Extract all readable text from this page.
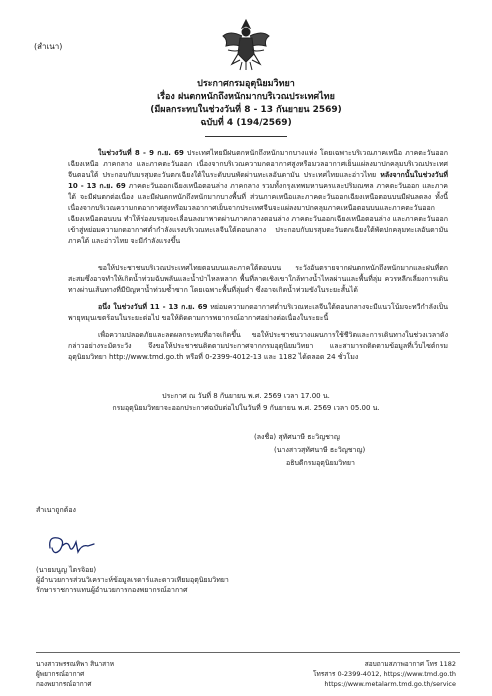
(สำเนา)
ประกาศกรมอุตุนิยมวิทยา
เรื่อง ฝนตกหนักถึงหนักมากบริเวณประเทศไทย
(มีผลกระทบในช่วงวันที่ 8 - 13 กันยายน 2569)
ฉบับที่ 4 (194/2569)

ในช่วงวันที่ 8 - 9 ก.ย. 69 ประเทศไทยมีฝนตกหนักถึงหนักมากบางแห่ง โดยเฉพาะบริเวณภาคเหนือ ภาคตะวันออกเฉียงเหนือ ภาคกลาง และภาคตะวันออก เนื่องจากบริเวณความกดอากาศสูงหรือมวลอากาศเย็นแผ่ลงมาปกคลุมบริเวณประเทศจีนตอนใต้ ประกอบกับมรสุมตะวันตกเฉียงใต้ในระดับบนพัดผ่านทะเลอันดามัน ประเทศไทยและอ่าวไทย หลังจากนั้นในช่วงวันที่ 10 - 13 ก.ย. 69 ภาคตะวันออกเฉียงเหนือตอนล่าง ภาคกลาง รวมทั้งกรุงเทพมหานครและปริมณฑล ภาคตะวันออก และภาคใต้ จะมีฝนตกต่อเนื่อง และมีฝนตกหนักถึงหนักมากบางพื้นที่ ส่วนภาคเหนือและภาคตะวันออกเฉียงเหนือตอนบนมีฝนลดลง ทั้งนี้เนื่องจากบริเวณความกดอากาศสูงหรือมวลอากาศเย็นจากประเทศจีนจะแผ่ลงมาปกคลุมภาคเหนือตอนบนและภาคตะวันออกเฉียงเหนือตอนบน ทำให้ร่องมรสุมจะเลื่อนลงมาพาดผ่านภาคกลางตอนล่าง ภาคตะวันออกเฉียงเหนือตอนล่าง และภาคตะวันออก เข้าสู่หย่อมความกดอากาศต่ำกำลังแรงบริเวณทะเลจีนใต้ตอนกลาง ประกอบกับมรสุมตะวันตกเฉียงใต้พัดปกคลุมทะเลอันดามัน ภาคใต้ และอ่าวไทย จะมีกำลังแรงขึ้น

ขอให้ประชาชนบริเวณประเทศไทยตอนบนและภาคใต้ตอนบน ระวังอันตรายจากฝนตกหนักถึงหนักมากและฝนที่ตกสะสมซึ่งอาจทำให้เกิดน้ำท่วมฉับพลันและน้ำป่าไหลหลาก พื้นที่ลาดเชิงเขาใกล้ทางน้ำไหลผ่านและพื้นที่ลุ่ม ควรหลีกเลี่ยงการเดินทางผ่านเส้นทางที่มีปัญหาน้ำท่วมซ้ำซาก โดยเฉพาะพื้นที่ลุ่มต่ำ ซึ่งอาจเกิดน้ำท่วมขังในระยะสั้นได้

อนึ่ง ในช่วงวันที่ 11 - 13 ก.ย. 69 หย่อมความกดอากาศต่ำบริเวณทะเลจีนใต้ตอนกลางจะมีแนวโน้มจะทวีกำลังเป็นพายุหมุนเขตร้อนในระยะต่อไป ขอให้ติดตามการพยากรณ์อากาศอย่างต่อเนื่องในระยะนี้

เพื่อความปลอดภัยและลดผลกระทบที่อาจเกิดขึ้น ขอให้ประชาชนวางแผนการใช้ชีวิตและการเดินทางในช่วงเวลาดังกล่าวอย่างระมัดระวัง จึงขอให้ประชาชนติดตามประกาศจากกรมอุตุนิยมวิทยา และสามารถติดตามข้อมูลที่เว็บไซต์กรมอุตุนิยมวิทยา http://www.tmd.go.th หรือที่ 0-2399-4012-13 และ 1182 ได้ตลอด 24 ชั่วโมง

ประกาศ ณ วันที่ 8 กันยายน พ.ศ. 2569 เวลา 17.00 น.
กรมอุตุนิยมวิทยาจะออกประกาศฉบับต่อไปในวันที่ 9 กันยายน พ.ศ. 2569 เวลา 05.00 น.
(ลงชื่อ) สุทัศนาษี ธะวิญชาญ
(นางสาวสุทัศนาษี ธะวิญชาญ)
อธิบดีกรมอุตุนิยมวิทยา
สำเนาถูกต้อง
(นายมนูญ ไตรจิอย)
ผู้อำนวยการส่วนวิเคราะห์ข้อมูลเรดาร์และดาวเทียมอุตุนิยมวิทยา
รักษาราชการแทนผู้อำนวยการกองพยากรณ์อากาศ
นางสาวพรรณทิพา สินาสาห
ผู้พยากรณ์อากาศ
กองพยากรณ์อากาศ
สอบถามสภาพอากาศ โทร 1182
โทรสาร 0-2399-4012, https://www.tmd.go.th
https://www.metalarm.tmd.go.th/service
